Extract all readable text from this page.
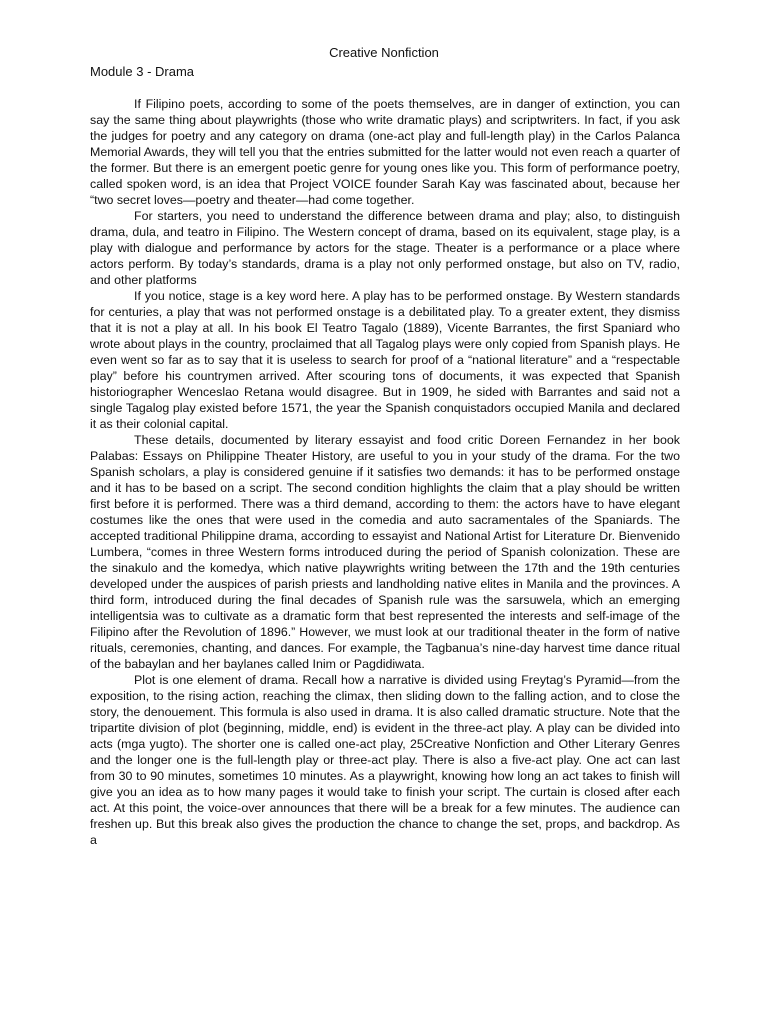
Creative Nonfiction
Module 3 - Drama

If Filipino poets, according to some of the poets themselves, are in danger of extinction, you can say the same thing about playwrights (those who write dramatic plays) and scriptwriters. In fact, if you ask the judges for poetry and any category on drama (one-act play and full-length play) in the Carlos Palanca Memorial Awards, they will tell you that the entries submitted for the latter would not even reach a quarter of the former. But there is an emergent poetic genre for young ones like you. This form of performance poetry, called spoken word, is an idea that Project VOICE founder Sarah Kay was fascinated about, because her “two secret loves—poetry and theater—had come together.

For starters, you need to understand the difference between drama and play; also, to distinguish drama, dula, and teatro in Filipino. The Western concept of drama, based on its equivalent, stage play, is a play with dialogue and performance by actors for the stage. Theater is a performance or a place where actors perform. By today’s standards, drama is a play not only performed onstage, but also on TV, radio, and other platforms

If you notice, stage is a key word here. A play has to be performed onstage. By Western standards for centuries, a play that was not performed onstage is a debilitated play. To a greater extent, they dismiss that it is not a play at all. In his book El Teatro Tagalo (1889), Vicente Barrantes, the first Spaniard who wrote about plays in the country, proclaimed that all Tagalog plays were only copied from Spanish plays. He even went so far as to say that it is useless to search for proof of a “national literature” and a “respectable play” before his countrymen arrived. After scouring tons of documents, it was expected that Spanish historiographer Wenceslao Retana would disagree. But in 1909, he sided with Barrantes and said not a single Tagalog play existed before 1571, the year the Spanish conquistadors occupied Manila and declared it as their colonial capital.

These details, documented by literary essayist and food critic Doreen Fernandez in her book Palabas: Essays on Philippine Theater History, are useful to you in your study of the drama. For the two Spanish scholars, a play is considered genuine if it satisfies two demands: it has to be performed onstage and it has to be based on a script. The second condition highlights the claim that a play should be written first before it is performed. There was a third demand, according to them: the actors have to have elegant costumes like the ones that were used in the comedia and auto sacramentales of the Spaniards. The accepted traditional Philippine drama, according to essayist and National Artist for Literature Dr. Bienvenido Lumbera, “comes in three Western forms introduced during the period of Spanish colonization. These are the sinakulo and the komedya, which native playwrights writing between the 17th and the 19th centuries developed under the auspices of parish priests and landholding native elites in Manila and the provinces. A third form, introduced during the final decades of Spanish rule was the sarsuwela, which an emerging intelligentsia was to cultivate as a dramatic form that best represented the interests and self-image of the Filipino after the Revolution of 1896.” However, we must look at our traditional theater in the form of native rituals, ceremonies, chanting, and dances. For example, the Tagbanua’s nine-day harvest time dance ritual of the babaylan and her baylanes called Inim or Pagdidiwata.

Plot is one element of drama. Recall how a narrative is divided using Freytag’s Pyramid—from the exposition, to the rising action, reaching the climax, then sliding down to the falling action, and to close the story, the denouement. This formula is also used in drama. It is also called dramatic structure. Note that the tripartite division of plot (beginning, middle, end) is evident in the three-act play. A play can be divided into acts (mga yugto). The shorter one is called one-act play, 25Creative Nonfiction and Other Literary Genres and the longer one is the full-length play or three-act play. There is also a five-act play. One act can last from 30 to 90 minutes, sometimes 10 minutes. As a playwright, knowing how long an act takes to finish will give you an idea as to how many pages it would take to finish your script. The curtain is closed after each act. At this point, the voice-over announces that there will be a break for a few minutes. The audience can freshen up. But this break also gives the production the chance to change the set, props, and backdrop. As a
